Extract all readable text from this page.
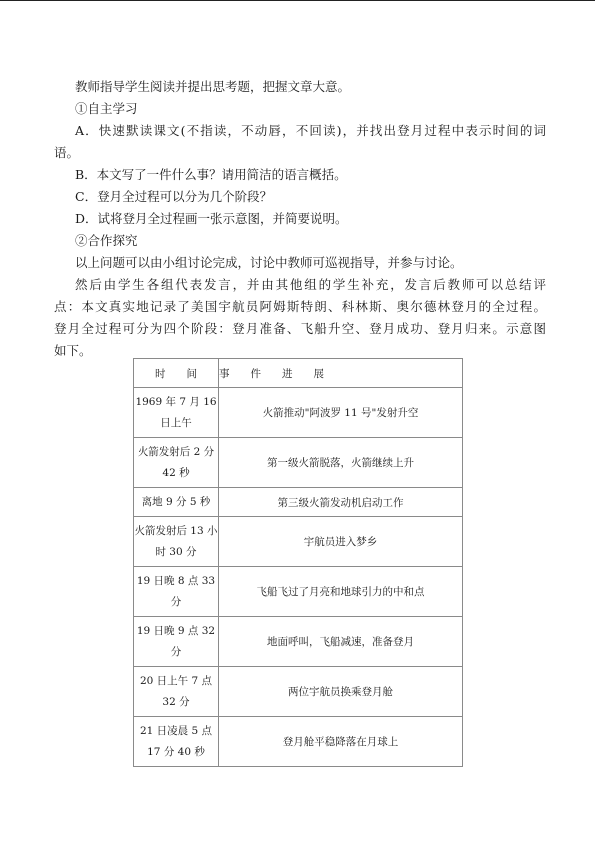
教师指导学生阅读并提出思考题，把握文章大意。

①自主学习

A．快速默读课文(不指读，不动唇，不回读)，并找出登月过程中表示时间的词

语。

B．本文写了一件什么事？请用简洁的语言概括。

C．登月全过程可以分为几个阶段？

D．试将登月全过程画一张示意图，并简要说明。

②合作探究

以上问题可以由小组讨论完成，讨论中教师可巡视指导，并参与讨论。

然后由学生各组代表发言，并由其他组的学生补充，发言后教师可以总结评

点：本文真实地记录了美国宇航员阿姆斯特朗、科林斯、奥尔德林登月的全过程。

登月全过程可分为四个阶段：登月准备、飞船升空、登月成功、登月归来。示意图

如下。

时　　间	事　　件　　进　　展
1969 年 7 月 16 日上午	火箭推动"阿波罗 11 号"发射升空
火箭发射后 2 分 42 秒	第一级火箭脱落，火箭继续上升
离地 9 分 5 秒	第三级火箭发动机启动工作
火箭发射后 13 小时 30 分	宇航员进入梦乡
19 日晚 8 点 33 分	飞船飞过了月亮和地球引力的中和点
19 日晚 9 点 32 分	地面呼叫，飞船减速，准备登月
20 日上午 7 点 32 分	两位宇航员换乘登月舱
21 日凌晨 5 点 17 分 40 秒	登月舱平稳降落在月球上
